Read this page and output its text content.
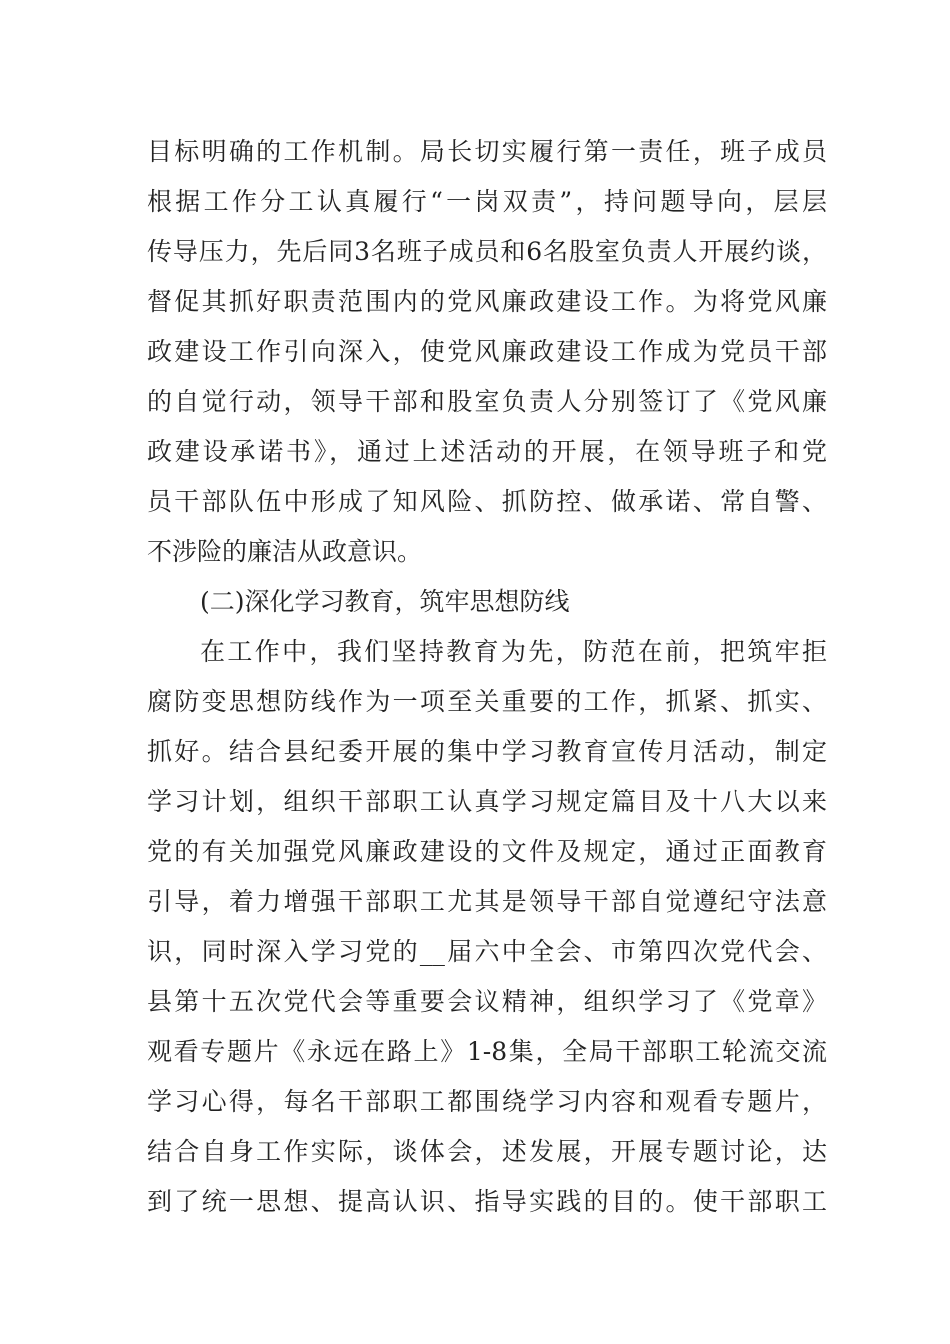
目标明确的工作机制。局长切实履行第一责任，班子成员
根据工作分工认真履行“一岗双责”，持问题导向，层层
传导压力，先后同3名班子成员和6名股室负责人开展约谈，
督促其抓好职责范围内的党风廉政建设工作。为将党风廉
政建设工作引向深入，使党风廉政建设工作成为党员干部
的自觉行动，领导干部和股室负责人分别签订了《党风廉
政建设承诺书》，通过上述活动的开展，在领导班子和党
员干部队伍中形成了知风险、抓防控、做承诺、常自警、
不涉险的廉洁从政意识。
(二)深化学习教育，筑牢思想防线
在工作中，我们坚持教育为先，防范在前，把筑牢拒
腐防变思想防线作为一项至关重要的工作，抓紧、抓实、
抓好。结合县纪委开展的集中学习教育宣传月活动，制定
学习计划，组织干部职工认真学习规定篇目及十八大以来
党的有关加强党风廉政建设的文件及规定，通过正面教育
引导，着力增强干部职工尤其是领导干部自觉遵纪守法意
识，同时深入学习党的__届六中全会、市第四次党代会、
县第十五次党代会等重要会议精神，组织学习了《党章》
观看专题片《永远在路上》1-8集，全局干部职工轮流交流
学习心得，每名干部职工都围绕学习内容和观看专题片，
结合自身工作实际，谈体会，述发展，开展专题讨论，达
到了统一思想、提高认识、指导实践的目的。使干部职工
